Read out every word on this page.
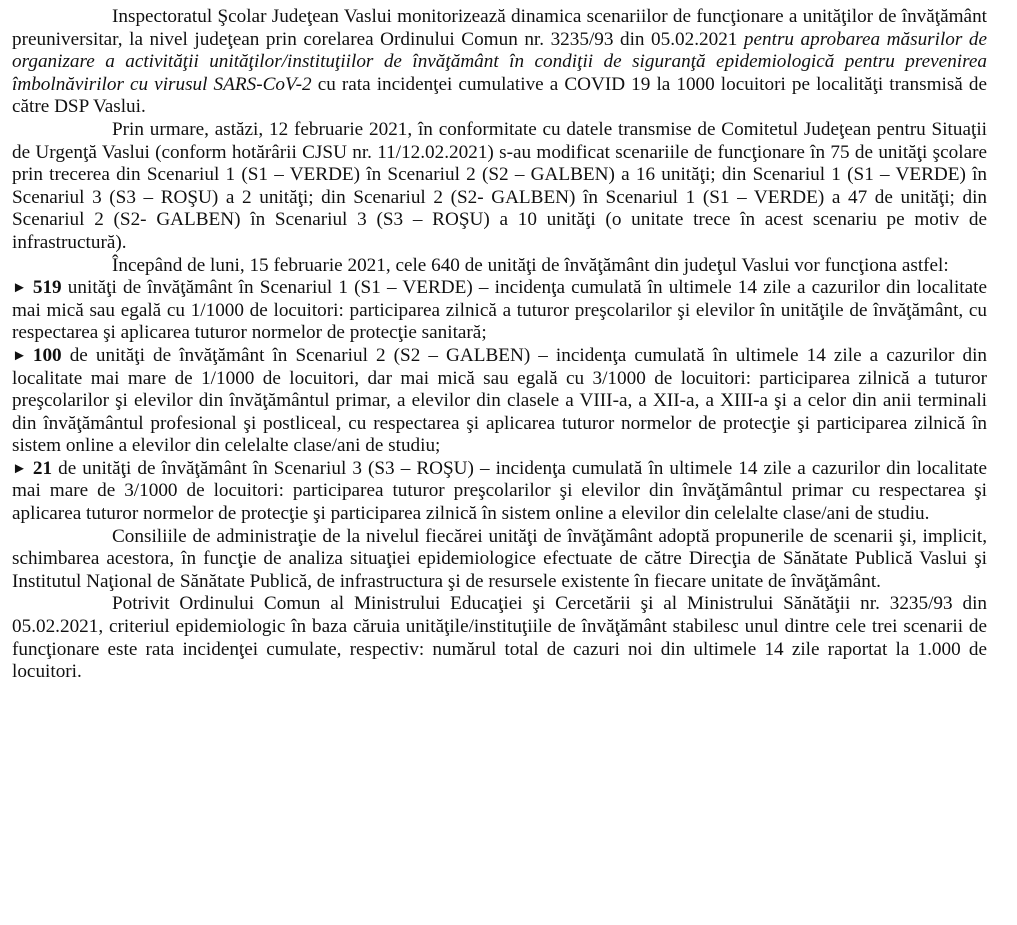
Inspectoratul Şcolar Judeţean Vaslui monitorizează dinamica scenariilor de funcţionare a unităţilor de învăţământ preuniversitar, la nivel judeţean prin corelarea Ordinului Comun nr. 3235/93 din 05.02.2021 pentru aprobarea măsurilor de organizare a activităţii unităţilor/instituţiilor de învăţământ în condiţii de siguranţă epidemiologică pentru prevenirea îmbolnăvirilor cu virusul SARS-CoV-2 cu rata incidenţei cumulative a COVID 19 la 1000 locuitori pe localităţi transmisă de către DSP Vaslui.

Prin urmare, astăzi, 12 februarie 2021, în conformitate cu datele transmise de Comitetul Judeţean pentru Situaţii de Urgenţă Vaslui (conform hotărârii CJSU nr. 11/12.02.2021) s-au modificat scenariile de funcţionare în 75 de unităţi şcolare prin trecerea din Scenariul 1 (S1 – VERDE) în Scenariul 2 (S2 – GALBEN) a 16 unităţi; din Scenariul 1 (S1 – VERDE) în Scenariul 3 (S3 – ROŞU) a 2 unităţi; din Scenariul 2 (S2- GALBEN) în Scenariul 1 (S1 – VERDE) a 47 de unităţi; din Scenariul 2 (S2- GALBEN) în Scenariul 3 (S3 – ROŞU) a 10 unităţi (o unitate trece în acest scenariu pe motiv de infrastructură).

Începând de luni, 15 februarie 2021, cele 640 de unităţi de învăţământ din judeţul Vaslui vor funcţiona astfel:

► 519 unităţi de învăţământ în Scenariul 1 (S1 – VERDE) – incidenţa cumulată în ultimele 14 zile a cazurilor din localitate mai mică sau egală cu 1/1000 de locuitori: participarea zilnică a tuturor preşcolarilor şi elevilor în unităţile de învăţământ, cu respectarea şi aplicarea tuturor normelor de protecţie sanitară;

► 100 de unităţi de învăţământ în Scenariul 2 (S2 – GALBEN) – incidenţa cumulată în ultimele 14 zile a cazurilor din localitate mai mare de 1/1000 de locuitori, dar mai mică sau egală cu 3/1000 de locuitori: participarea zilnică a tuturor preşcolarilor şi elevilor din învăţământul primar, a elevilor din clasele a VIII-a, a XII-a, a XIII-a şi a celor din anii terminali din învăţământul profesional şi postliceal, cu respectarea şi aplicarea tuturor normelor de protecţie şi participarea zilnică în sistem online a elevilor din celelalte clase/ani de studiu;

► 21 de unităţi de învăţământ în Scenariul 3 (S3 – ROŞU) – incidenţa cumulată în ultimele 14 zile a cazurilor din localitate mai mare de 3/1000 de locuitori: participarea tuturor preşcolarilor şi elevilor din învăţământul primar cu respectarea şi aplicarea tuturor normelor de protecţie şi participarea zilnică în sistem online a elevilor din celelalte clase/ani de studiu.

Consiliile de administraţie de la nivelul fiecărei unităţi de învăţământ adoptă propunerile de scenarii şi, implicit, schimbarea acestora, în funcţie de analiza situaţiei epidemiologice efectuate de către Direcţia de Sănătate Publică Vaslui şi Institutul Naţional de Sănătate Publică, de infrastructura şi de resursele existente în fiecare unitate de învăţământ.

Potrivit Ordinului Comun al Ministrului Educaţiei şi Cercetării şi al Ministrului Sănătăţii nr. 3235/93 din 05.02.2021, criteriul epidemiologic în baza căruia unităţile/instituţiile de învăţământ stabilesc unul dintre cele trei scenarii de funcţionare este rata incidenţei cumulate, respectiv: numărul total de cazuri noi din ultimele 14 zile raportat la 1.000 de locuitori.
